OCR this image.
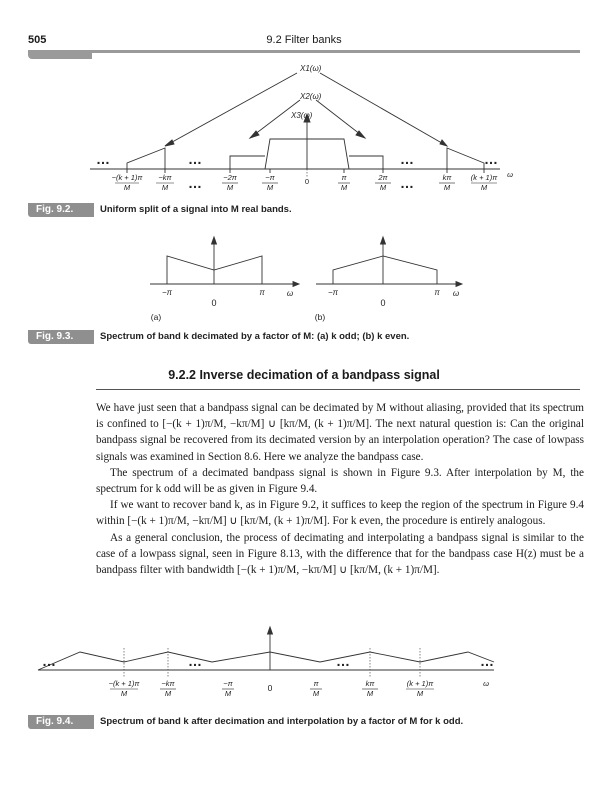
505	9.2 Filter banks
X1(ω)
X2(ω)
X3(ω)
…	…	…	…
…	…
−(k + 1)π
M
−kπ
M
−2π
M
−π
M
0	π
M
2π
M
kπ
M
(k + 1)π
M
ω
Fig. 9.2.	Uniform split of a signal into M real bands.
−π
0
π	ω
(a)
−π
0
π ω
(b)
Fig. 9.3.	Spectrum of band k decimated by a factor of M: (a) k odd; (b) k even.
9.2.2 Inverse decimation of a bandpass signal

We have just seen that a bandpass signal can be decimated by M without aliasing, provided that its spectrum is confined to [−(k + 1)π/M, −kπ/M] ∪ [kπ/M, (k + 1)π/M]. The next natural question is: Can the original bandpass signal be recovered from its decimated version by an interpolation operation? The case of lowpass signals was examined in Section 8.6. Here we analyze the bandpass case.

The spectrum of a decimated bandpass signal is shown in Figure 9.3. After interpolation by M, the spectrum for k odd will be as given in Figure 9.4.

If we want to recover band k, as in Figure 9.2, it suffices to keep the region of the spectrum in Figure 9.4 within [−(k + 1)π/M, −kπ/M] ∪ [kπ/M, (k + 1)π/M]. For k even, the procedure is entirely analogous.

As a general conclusion, the process of decimating and interpolating a bandpass signal is similar to the case of a lowpass signal, seen in Figure 8.13, with the difference that for the bandpass case H(z) must be a bandpass filter with bandwidth [−(k + 1)π/M, −kπ/M] ∪ [kπ/M, (k + 1)π/M].

…	…	…	…
−(k + 1)π
M
−kπ
M
−π
M
0	π
M
kπ
M
(k + 1)π
M
ω
Fig. 9.4.	Spectrum of band k after decimation and interpolation by a factor of M for k odd.
